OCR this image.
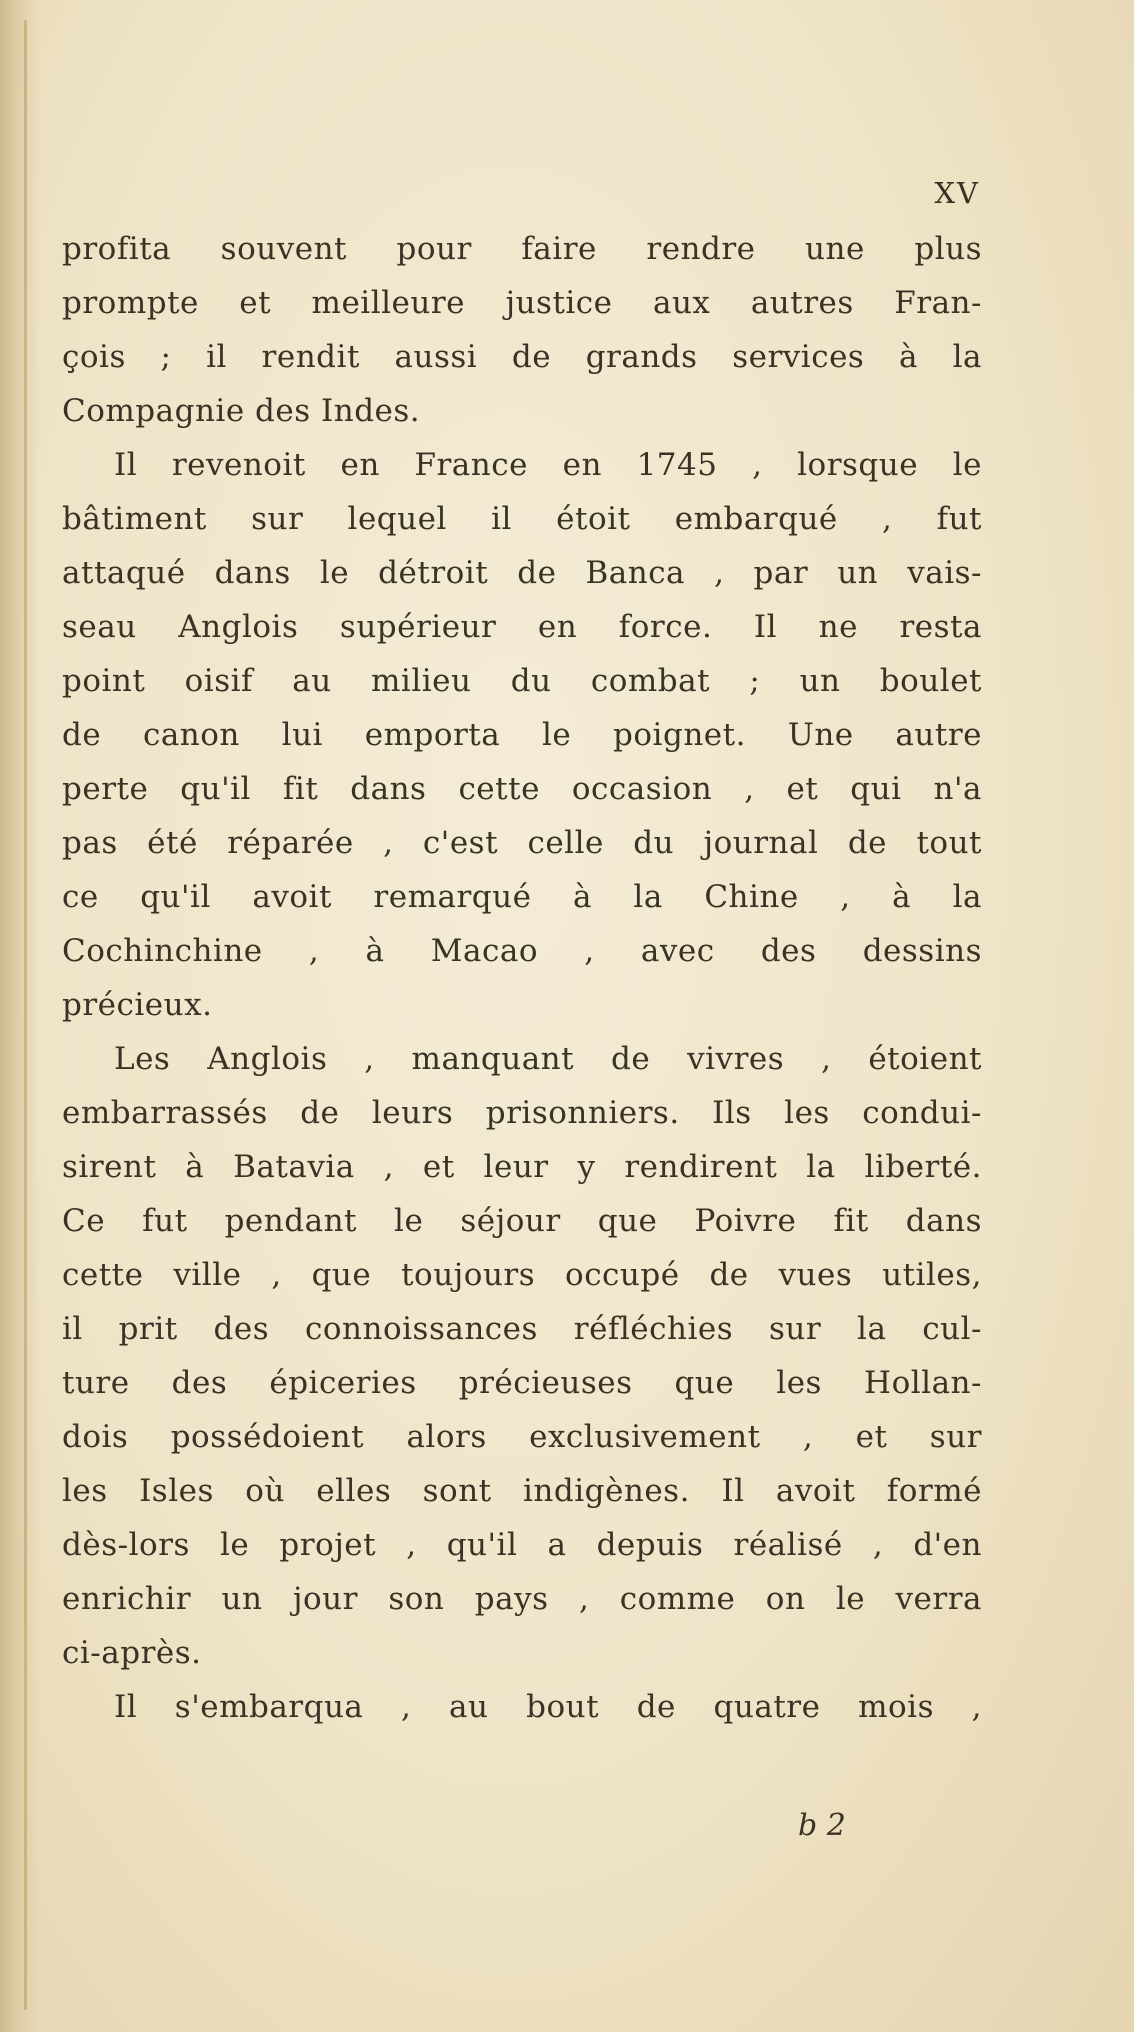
XV
profita souvent pour faire rendre une plus
prompte et meilleure justice aux autres Fran-
çois ; il rendit aussi de grands services à la
Compagnie des Indes.
Il revenoit en France en 1745 , lorsque le
bâtiment sur lequel il étoit embarqué , fut
attaqué dans le détroit de Banca , par un vais-
seau Anglois supérieur en force. Il ne resta
point oisif au milieu du combat ; un boulet
de canon lui emporta le poignet. Une autre
perte qu'il fit dans cette occasion , et qui n'a
pas été réparée , c'est celle du journal de tout
ce qu'il avoit remarqué à la Chine , à la
Cochinchine , à Macao , avec des dessins
précieux.
Les Anglois , manquant de vivres , étoient
embarrassés de leurs prisonniers. Ils les condui-
sirent à Batavia , et leur y rendirent la liberté.
Ce fut pendant le séjour que Poivre fit dans
cette ville , que toujours occupé de vues utiles,
il prit des connoissances réfléchies sur la cul-
ture des épiceries précieuses que les Hollan-
dois possédoient alors exclusivement , et sur
les Isles où elles sont indigènes. Il avoit formé
dès-lors le projet , qu'il a depuis réalisé , d'en
enrichir un jour son pays , comme on le verra
ci-après.
Il s'embarqua , au bout de quatre mois ,
b 2
